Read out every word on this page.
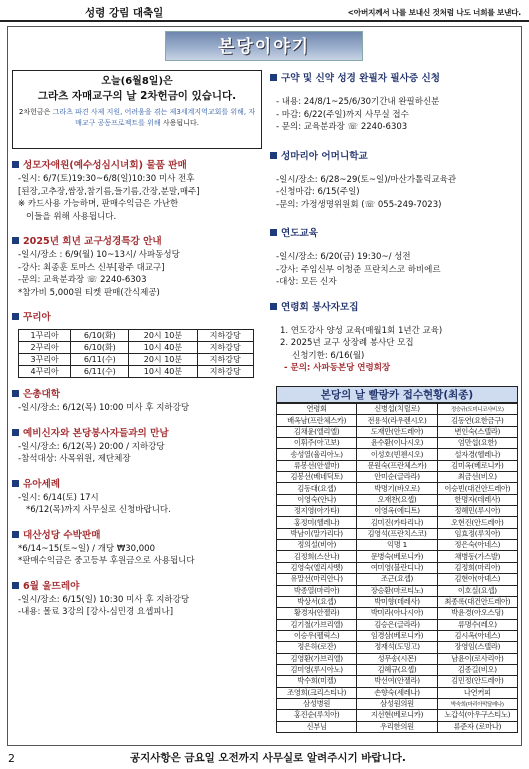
성령 강림 대축일	<아버지께서 나를 보내신 것처럼 나도 너희를 보낸다.
본당이야기
오늘(6월8일)은
그라츠 자매교구의 날 2차헌금이 있습니다.
2차헌금은 그라츠 파견 사제 지원, 어려움을 겪는 제3세계지역교회를 위해, 자매교구 공동프로젝트를 위해 사용됩니다.
성모자애원(예수성심시녀회) 물품 판매
-일시: 6/7(토)19:30~6/8(일)10:30 미사 전후
[된장,고추장,쌈장,참기름,들기름,간장,분말,매주]
※ 카드사용 가능하며, 판매수익금은 가난한
이들을 위해 사용됩니다.
2025년 희년 교구성경특강 안내
-일시/장소 : 6/9(월) 10~13시/ 사파동성당
-강사: 최종훈 토마스 신부[광주 대교구]
-문의: 교육분과장 ☏ 2240-6303
*참가비 5,000원 티켓 판매(간식제공)
꾸리아
1꾸리아	6/10(화)	20시 10분	지하강당
2꾸리아	6/10(화)	10시 40분	지하강당
3꾸리아	6/11(수)	20시 10분	지하강당
4꾸리아	6/11(수)	10시 40분	지하강당
은총대학
-일시/장소: 6/12(목) 10:00 미사 후 지하강당
예비신자와 본당봉사자들과의 만남
-일시/장소: 6/12(목) 20:00 / 지하강당
-참석대상: 사목위원, 제단체장
유아세례
-일시: 6/14(토) 17시
*6/12(목)까지 사무실로 신청바랍니다.
대산성당 수박판매
*6/14~15(토~일) / 개당 ₩30,000
*판매수익금은 중고등부 후원금으로 사용됩니다
6월 울뜨레야
-일시/장소: 6/15(일) 10:30 미사 후 지하강당
-내용: 몰료 3강의 [강사-심민경 요셉피나]
구약 및 신약 성경 완필자 필사증 신청
- 내용: 24/8/1~25/6/30기간내 완필하신분
- 마감: 6/22(주일)까지 사무실 접수
- 문의: 교육분과장 ☏ 2240-6303
성마리아 어머니학교
-일시/장소: 6/28~29(토~일)/마산가톨릭교육관
-신청마감: 6/15(주일)
-문의: 가정생명위원회 (☏ 055-249-7023)
연도교육
-일시/장소: 6/20(금) 19:30~/ 성전
-강사: 주임신부 이청준 프란치스코 하비에르
-대상: 모든 신자
연령회 봉사자모집
1. 연도강사 양성 교육(매월1회 1년간 교육)
2. 2025년 교구 상장례 봉사단 모집
신청기한: 6/16(월)
- 문의: 사파동본당 연령회장
본당의 날 빨랑카 접수현황(최종)
연령회	신병섭(치릴로)	정승규(도미니코사비오)
배옥남(프란체스카)	전용석(라우렌시오)	김동연(요한금구)
김채윤(엘리엘)	도재만(안드레아)	변인숙(스텔라)
이휘주(아고보)	윤수환(이나시오)	엄만섭(요한)
송성열(율리아노)	이성호(빈첸시오)	설자경(헬레나)
류봉선(안셀마)	문원숙(프란체스카)	김미옥(베로니카)
김봉선(베네딕토)	안미순(글라라)	최금선(비오)
김동대(요셉)	박명기(바오로)	이승빈(대건안드레아)
이영숙(안나)	오재찬(요셉)	한명자(데레사)
정지영(아가타)	이영옥(에디트)	정혜민(루시아)
홍정미(헬레나)	김미진(카타리나)	오현진(안드레아)
박남이(말가리다)	김영석(프란치스코)	임효정(루치아)
정의설(비아)	익명 1	정은숙(아네스)
김정희(스산나)	문병숙(베로니카)	채병동(가스발)
김영숙(엘리사벳)	여미영(블란디나)	김정희(마리아)
유말선(마리안나)	조근(요셉)	김현아(아녜스)
박종열(마리아)	장승환(마르티노)	이호실(요셉)
박상서(요셉)	박미향(데레사)	최종록(대건안드레아)
황경자(안젤라)	박미라(아나시아)	박윤경(아오스딩)
김기철(가브리엘)	김승은(글라라)	류명수(레오)
이승우(펠릭스)	임경삼(베로니카)	김시옥(아네스)
정은하(로잔)	정재석(도밍고)	장영임(스텔라)
김영환(가브리엘)	성무송(시몬)	남윤이(로사리아)
김미영(루시아노)	김혜규(요셉)	김종길(비오)
박수희(미켈)	박선여(안젤라)	김민정(안드레아)
조영희(크리스티나)	손향숙(세레나)	나연커피
삼성병원	삼성원의원	박숙희(마리아막달레나)
홍진순(루치아)	지선현(베로니카)	노갑석(아우구스티노)
신부님	우리한의원	류준자 (로마나)
2	공지사항은 금요일 오전까지 사무실로 알려주시기 바랍니다.
